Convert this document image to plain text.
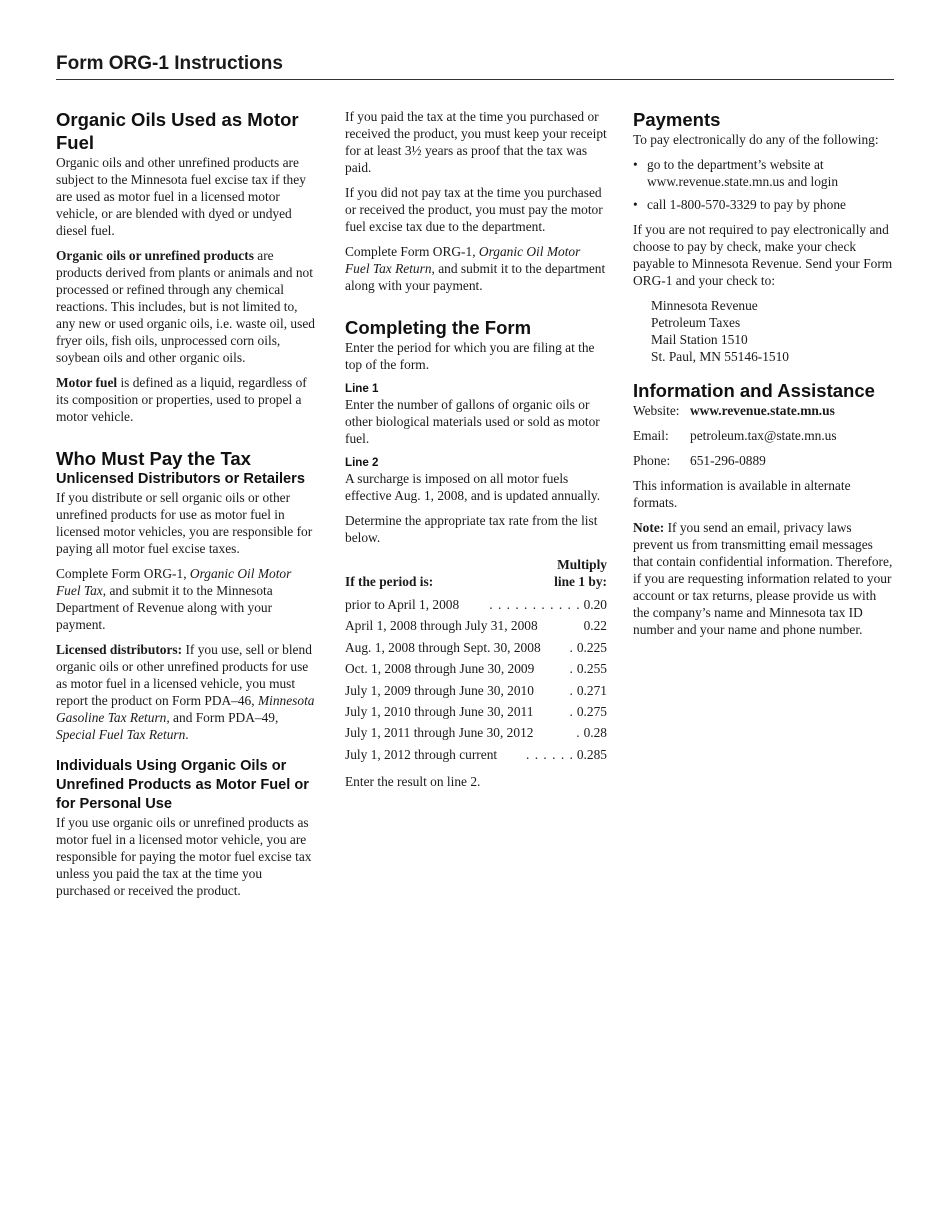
Form ORG-1 Instructions
Organic Oils Used as Motor Fuel

Organic oils and other unrefined products are subject to the Minnesota fuel excise tax if they are used as motor fuel in a licensed motor vehicle, or are blended with dyed or undyed diesel fuel.

Organic oils or unrefined products are products derived from plants or animals and not processed or refined through any chemical reactions. This includes, but is not limited to, any new or used organic oils, i.e. waste oil, used fryer oils, fish oils, unprocessed corn oils, soybean oils and other organic oils.

Motor fuel is defined as a liquid, regardless of its composition or properties, used to propel a motor vehicle.

Who Must Pay the Tax
Unlicensed Distributors or Retailers

If you distribute or sell organic oils or other unrefined products for use as motor fuel in licensed motor vehicles, you are responsible for paying all motor fuel excise taxes.

Complete Form ORG-1, Organic Oil Motor Fuel Tax, and submit it to the Minnesota Department of Revenue along with your payment.

Licensed distributors: If you use, sell or blend organic oils or other unrefined products for use as motor fuel in a licensed vehicle, you must report the product on Form PDA–46, Minnesota Gasoline Tax Return, and Form PDA–49, Special Fuel Tax Return.

Individuals Using Organic Oils or Unrefined Products as Motor Fuel or for Personal Use

If you use organic oils or unrefined products as motor fuel in a licensed motor vehicle, you are responsible for paying the motor fuel excise tax unless you paid the tax at the time you purchased or received the product.

If you paid the tax at the time you purchased or received the product, you must keep your receipt for at least 3½ years as proof that the tax was paid.

If you did not pay tax at the time you purchased or received the product, you must pay the motor fuel excise tax due to the department.

Complete Form ORG-1, Organic Oil Motor Fuel Tax Return, and submit it to the department along with your payment.

Completing the Form

Enter the period for which you are filing at the top of the form.

Line 1

Enter the number of gallons of organic oils or other biological materials used or sold as motor fuel.

Line 2

A surcharge is imposed on all motor fuels effective Aug. 1, 2008, and is updated annually.

Determine the appropriate tax rate from the list below.

If the period is:
Multiply
line 1 by:
prior to April 1, 2008	. . . . . . . . . . . 0.20
April 1, 2008 through July 31, 2008	0.22
Aug. 1, 2008 through Sept. 30, 2008	. 0.225
Oct. 1, 2008 through June 30, 2009	. 0.255
July 1, 2009 through June 30, 2010	. 0.271
July 1, 2010 through June 30, 2011	. 0.275
July 1, 2011 through June 30, 2012	. 0.28
July 1, 2012 through current	. . . . . . 0.285

Enter the result on line 2.

Payments

To pay electronically do any of the following:

• go to the department’s website at www.revenue.state.mn.us and login
• call 1-800-570-3329 to pay by phone

If you are not required to pay electronically and choose to pay by check, make your check payable to Minnesota Revenue. Send your Form ORG-1 and your check to:

Minnesota Revenue
Petroleum Taxes
Mail Station 1510
St. Paul, MN 55146-1510
Information and Assistance
Website: www.revenue.state.mn.us
Email:	petroleum.tax@state.mn.us
Phone:	651-296-0889

This information is available in alternate formats.

Note: If you send an email, privacy laws prevent us from transmitting email messages that contain confidential information. Therefore, if you are requesting information related to your account or tax returns, please provide us with the company’s name and Minnesota tax ID number and your name and phone number.
